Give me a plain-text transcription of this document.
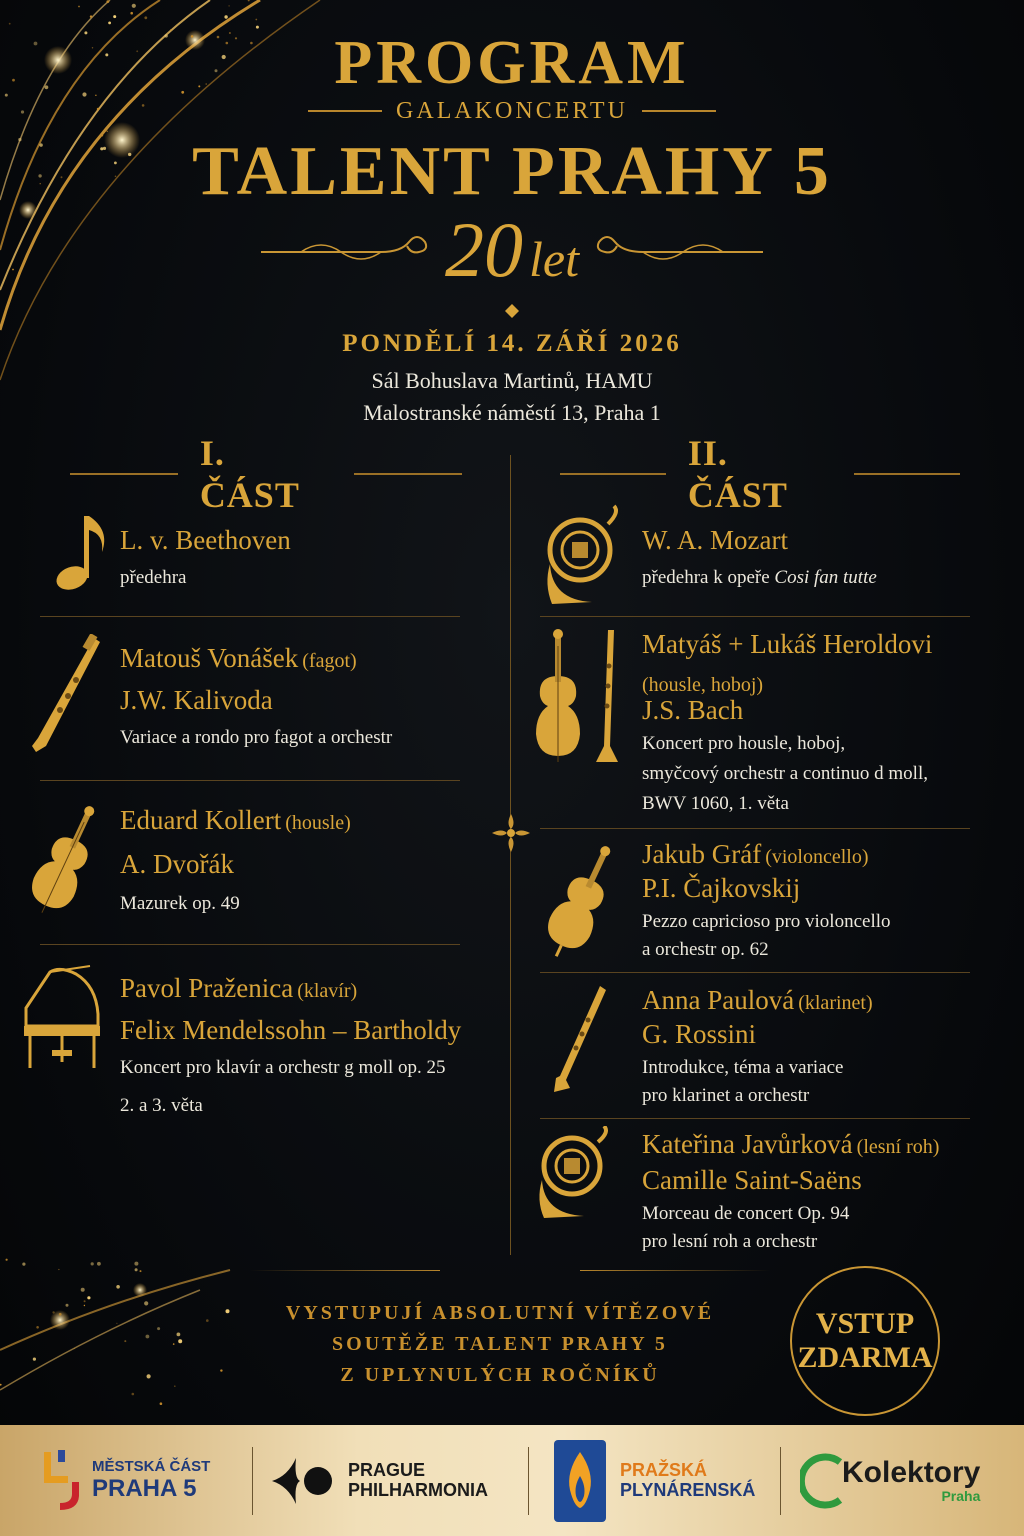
PROGRAM
GALAKONCERTU
TALENT PRAHY 5
20 let
PONDĚLÍ 14. ZÁŘÍ 2026
Sál Bohuslava Martinů, HAMU
Malostranské náměstí 13, Praha 1
I. ČÁST
II. ČÁST
L. v. Beethoven
předehra
Matouš Vonášek (fagot)
J.W. Kalivoda
Variace a rondo pro fagot a orchestr
Eduard Kollert (housle)
A. Dvořák
Mazurek op. 49
Pavol Praženica (klavír)
Felix Mendelssohn – Bartholdy
Koncert pro klavír a orchestr g moll op. 25
2. a 3. věta
W. A. Mozart
předehra k opeře Cosi fan tutte
Matyáš + Lukáš Heroldovi
(housle, hoboj)
J.S. Bach
Koncert pro housle, hoboj,
smyčcový orchestr a continuo d moll,
BWV 1060, 1. věta
Jakub Gráf (violoncello)
P.I. Čajkovskij
Pezzo capricioso pro violoncello
a orchestr op. 62
Anna Paulová (klarinet)
G. Rossini
Introdukce, téma a variace
pro klarinet a orchestr
Kateřina Javůrková (lesní roh)
Camille Saint-Saëns
Morceau de concert Op. 94
pro lesní roh a orchestr
VYSTUPUJÍ ABSOLUTNÍ VÍTĚZOVÉ
SOUTĚŽE TALENT PRAHY 5
Z UPLYNULÝCH ROČNÍKŮ
VSTUP
ZDARMA
MĚSTSKÁ ČÁST
PRAHA 5
PRAGUE
PHILHARMONIA
PRAŽSKÁ
PLYNÁRENSKÁ
Kolektory
Praha
